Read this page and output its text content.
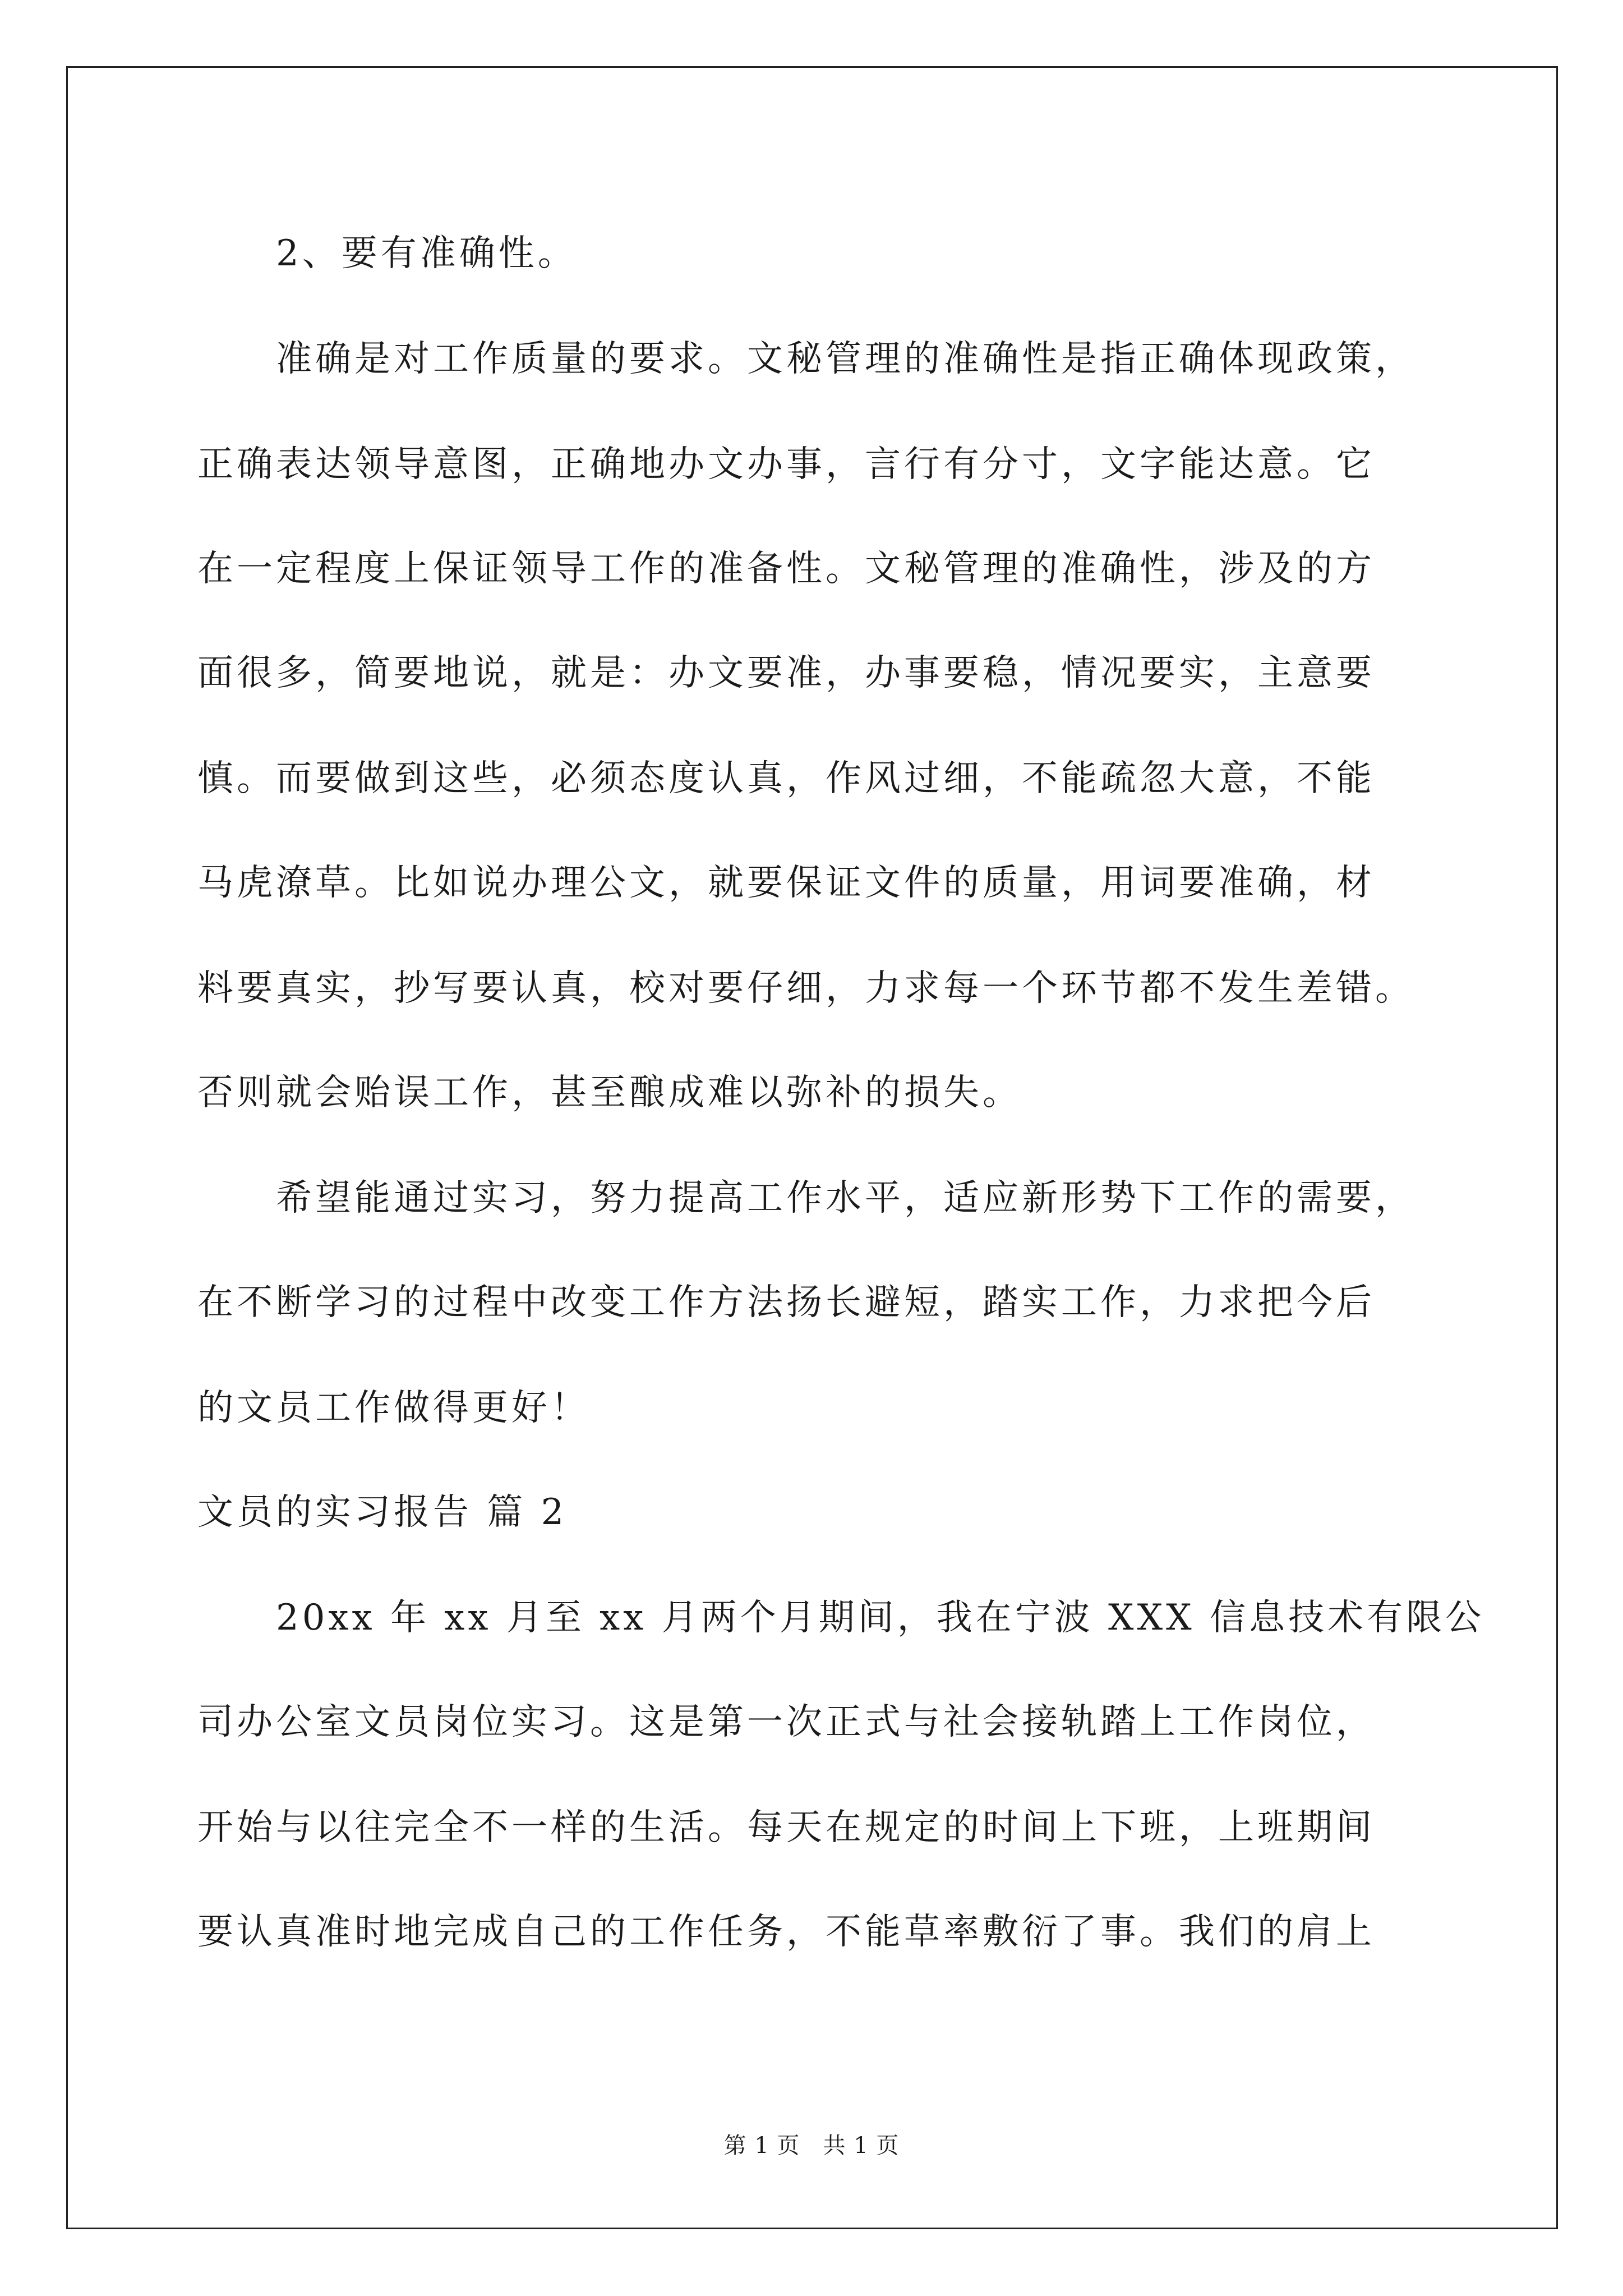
2、要有准确性。
准确是对工作质量的要求。文秘管理的准确性是指正确体现政策，
正确表达领导意图，正确地办文办事，言行有分寸，文字能达意。它
在一定程度上保证领导工作的准备性。文秘管理的准确性，涉及的方
面很多，简要地说，就是：办文要准，办事要稳，情况要实，主意要
慎。而要做到这些，必须态度认真，作风过细，不能疏忽大意，不能
马虎潦草。比如说办理公文，就要保证文件的质量，用词要准确，材
料要真实，抄写要认真，校对要仔细，力求每一个环节都不发生差错。
否则就会贻误工作，甚至酿成难以弥补的损失。
希望能通过实习，努力提高工作水平，适应新形势下工作的需要，
在不断学习的过程中改变工作方法扬长避短，踏实工作，力求把今后
的文员工作做得更好！
文员的实习报告 篇 2
20xx 年 xx 月至 xx 月两个月期间，我在宁波 XXX 信息技术有限公
司办公室文员岗位实习。这是第一次正式与社会接轨踏上工作岗位，
开始与以往完全不一样的生活。每天在规定的时间上下班，上班期间
要认真准时地完成自己的工作任务，不能草率敷衍了事。我们的肩上
第 1 页　共 1 页
